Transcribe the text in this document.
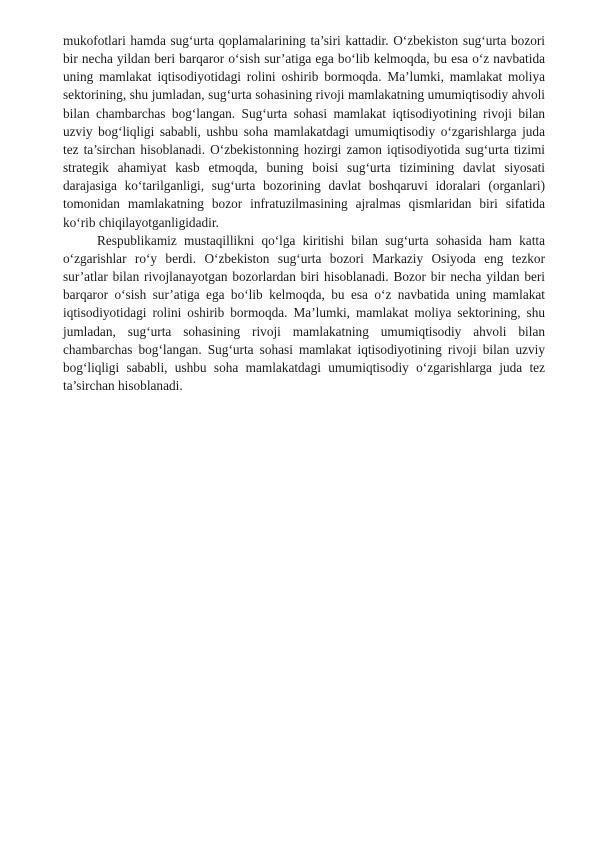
mukofotlari hamda sug‘urta qoplamalarining ta’siri kattadir. O‘zbekiston sug‘urta bozori bir necha yildan beri barqaror o‘sish sur’atiga ega bo‘lib kelmoqda, bu esa o‘z navbatida uning mamlakat iqtisodiyotidagi rolini oshirib bormoqda. Ma’lumki, mamlakat moliya sektorining, shu jumladan, sug‘urta sohasining rivoji mamlakatning umumiqtisodiy ahvoli bilan chambarchas bog‘langan. Sug‘urta sohasi mamlakat iqtisodiyotining rivoji bilan uzviy bog‘liqligi sababli, ushbu soha mamlakatdagi umumiqtisodiy o‘zgarishlarga juda tez ta’sirchan hisoblanadi. O‘zbekistonning hozirgi zamon iqtisodiyotida sug‘urta tizimi strategik ahamiyat kasb etmoqda, buning boisi sug‘urta tizimining davlat siyosati darajasiga ko‘tarilganligi, sug‘urta bozorining davlat boshqaruvi idoralari (organlari) tomonidan mamlakatning bozor infratuzilmasining ajralmas qismlaridan biri sifatida ko‘rib chiqilayotganligidadir.

Respublikamiz mustaqillikni qo‘lga kiritishi bilan sug‘urta sohasida ham katta o‘zgarishlar ro‘y berdi. O‘zbekiston sug‘urta bozori Markaziy Osiyoda eng tezkor sur’atlar bilan rivojlanayotgan bozorlardan biri hisoblanadi. Bozor bir necha yildan beri barqaror o‘sish sur’atiga ega bo‘lib kelmoqda, bu esa o‘z navbatida uning mamlakat iqtisodiyotidagi rolini oshirib bormoqda. Ma’lumki, mamlakat moliya sektorining, shu jumladan, sug‘urta sohasining rivoji mamlakatning umumiqtisodiy ahvoli bilan chambarchas bog‘langan. Sug‘urta sohasi mamlakat iqtisodiyotining rivoji bilan uzviy bog‘liqligi sababli, ushbu soha mamlakatdagi umumiqtisodiy o‘zgarishlarga juda tez ta’sirchan hisoblanadi.
